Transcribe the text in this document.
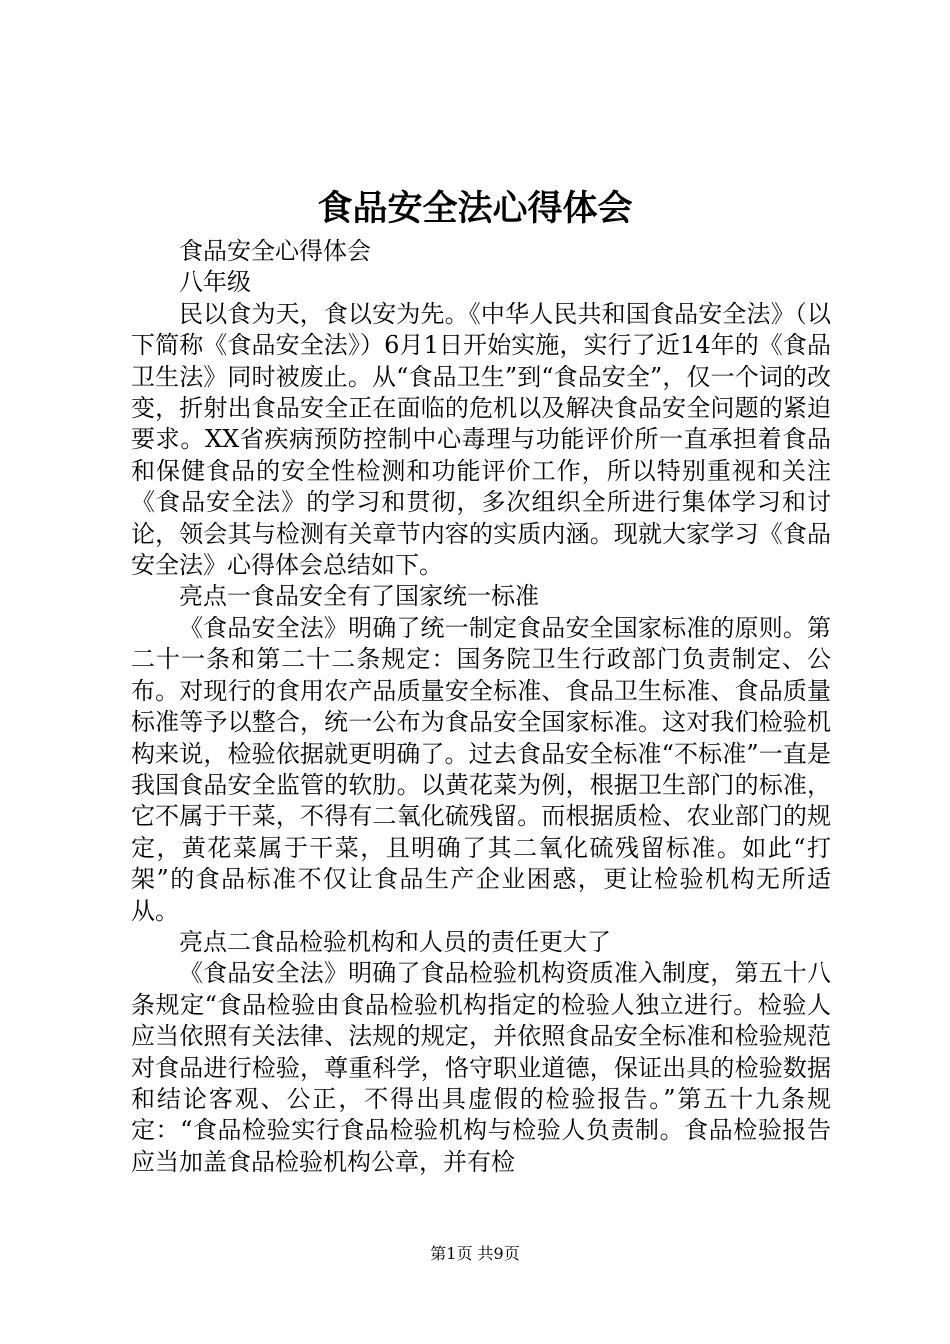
食品安全法心得体会

食品安全心得体会

八年级

民以食为天，食以安为先。《中华人民共和国食品安全法》（以下简称《食品安全法》）6月1日开始实施，实行了近14年的《食品卫生法》同时被废止。从“食品卫生”到“食品安全”，仅一个词的改变，折射出食品安全正在面临的危机以及解决食品安全问题的紧迫要求。XX省疾病预防控制中心毒理与功能评价所一直承担着食品和保健食品的安全性检测和功能评价工作，所以特别重视和关注《食品安全法》的学习和贯彻，多次组织全所进行集体学习和讨论，领会其与检测有关章节内容的实质内涵。现就大家学习《食品安全法》心得体会总结如下。

亮点一食品安全有了国家统一标准

《食品安全法》明确了统一制定食品安全国家标准的原则。第二十一条和第二十二条规定：国务院卫生行政部门负责制定、公布。对现行的食用农产品质量安全标准、食品卫生标准、食品质量标准等予以整合，统一公布为食品安全国家标准。这对我们检验机构来说，检验依据就更明确了。过去食品安全标准“不标准”一直是我国食品安全监管的软肋。以黄花菜为例，根据卫生部门的标准，它不属于干菜，不得有二氧化硫残留。而根据质检、农业部门的规定，黄花菜属于干菜，且明确了其二氧化硫残留标准。如此“打架”的食品标准不仅让食品生产企业困惑，更让检验机构无所适从。

亮点二食品检验机构和人员的责任更大了

《食品安全法》明确了食品检验机构资质准入制度，第五十八条规定“食品检验由食品检验机构指定的检验人独立进行。检验人应当依照有关法律、法规的规定，并依照食品安全标准和检验规范对食品进行检验，尊重科学，恪守职业道德，保证出具的检验数据和结论客观、公正，不得出具虚假的检验报告。”第五十九条规定：“食品检验实行食品检验机构与检验人负责制。食品检验报告应当加盖食品检验机构公章，并有检

第1页 共9页
